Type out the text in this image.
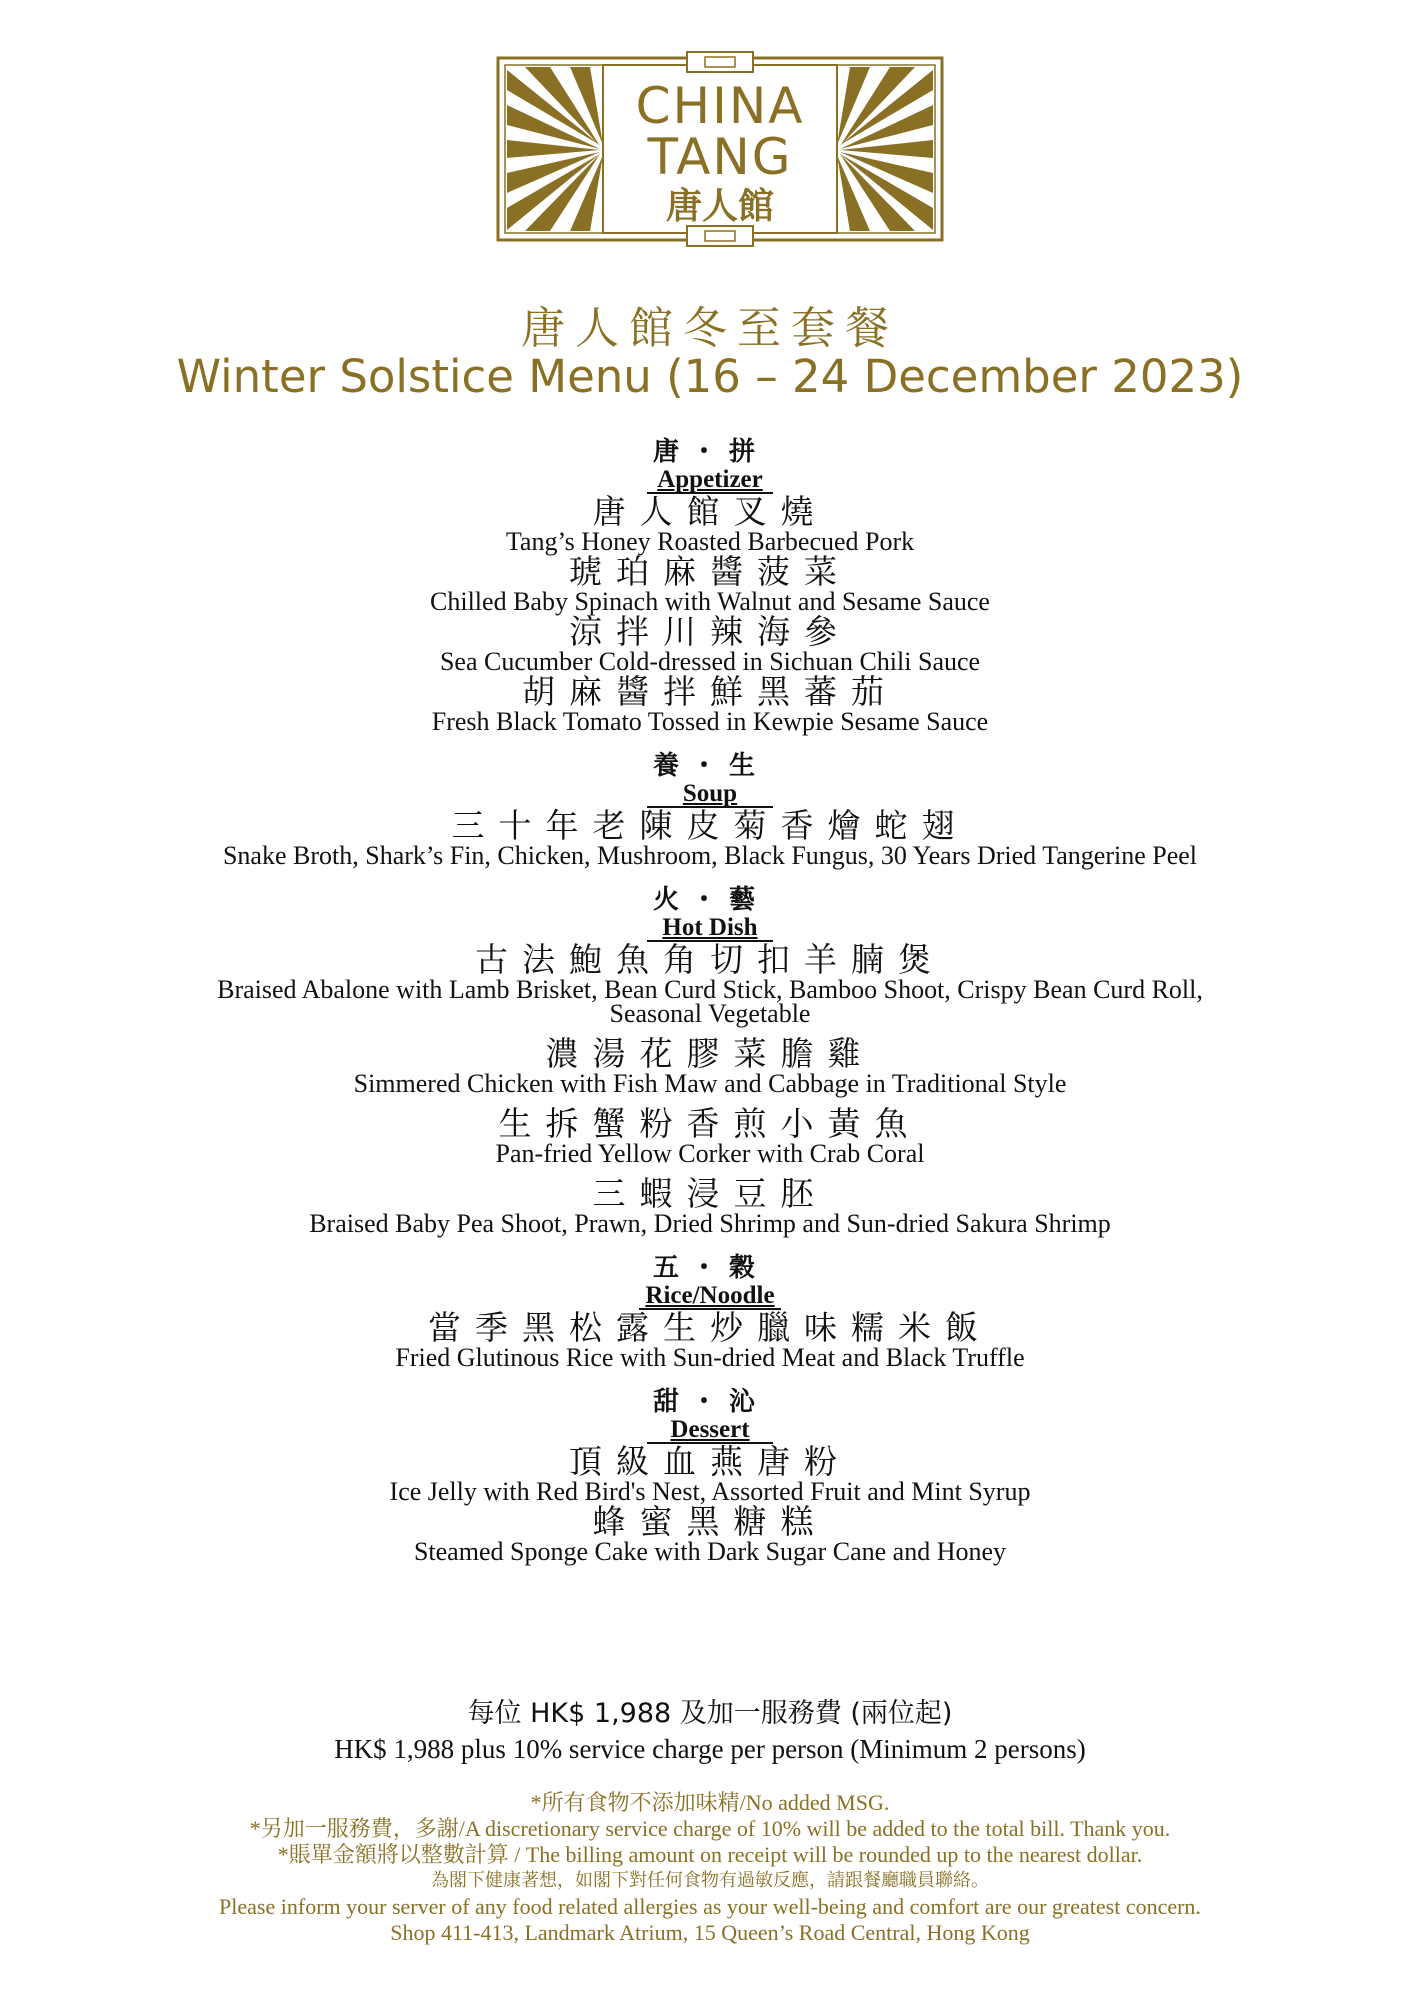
CHINA
TANG
唐人館
唐人館冬至套餐
Winter Solstice Menu (16 – 24 December 2023)
唐・拼
Appetizer
唐人館叉燒
Tang’s Honey Roasted Barbecued Pork
琥珀麻醬菠菜
Chilled Baby Spinach with Walnut and Sesame Sauce
涼拌川辣海參
Sea Cucumber Cold-dressed in Sichuan Chili Sauce
胡麻醬拌鮮黑蕃茄
Fresh Black Tomato Tossed in Kewpie Sesame Sauce
養・生
Soup
三十年老陳皮菊香燴蛇翅
Snake Broth, Shark’s Fin, Chicken, Mushroom, Black Fungus, 30 Years Dried Tangerine Peel
火・藝
Hot Dish
古法鮑魚角切扣羊腩煲
Braised Abalone with Lamb Brisket, Bean Curd Stick, Bamboo Shoot, Crispy Bean Curd Roll, Seasonal Vegetable
濃湯花膠菜膽雞
Simmered Chicken with Fish Maw and Cabbage in Traditional Style
生拆蟹粉香煎小黃魚
Pan-fried Yellow Corker with Crab Coral
三蝦浸豆胚
Braised Baby Pea Shoot, Prawn, Dried Shrimp and Sun-dried Sakura Shrimp
五・穀
Rice/Noodle
當季黑松露生炒臘味糯米飯
Fried Glutinous Rice with Sun-dried Meat and Black Truffle
甜・沁
Dessert
頂級血燕唐粉
Ice Jelly with Red Bird's Nest, Assorted Fruit and Mint Syrup
蜂蜜黑糖糕
Steamed Sponge Cake with Dark Sugar Cane and Honey
每位 HK$ 1,988 及加一服務費 (兩位起)
HK$ 1,988 plus 10% service charge per person (Minimum 2 persons)
*所有食物不添加味精/No added MSG.
*另加一服務費，多謝/A discretionary service charge of 10% will be added to the total bill. Thank you.
*賬單金額將以整數計算 / The billing amount on receipt will be rounded up to the nearest dollar.
為閣下健康著想，如閣下對任何食物有過敏反應，請跟餐廳職員聯絡。
Please inform your server of any food related allergies as your well-being and comfort are our greatest concern.
Shop 411-413, Landmark Atrium, 15 Queen’s Road Central, Hong Kong
